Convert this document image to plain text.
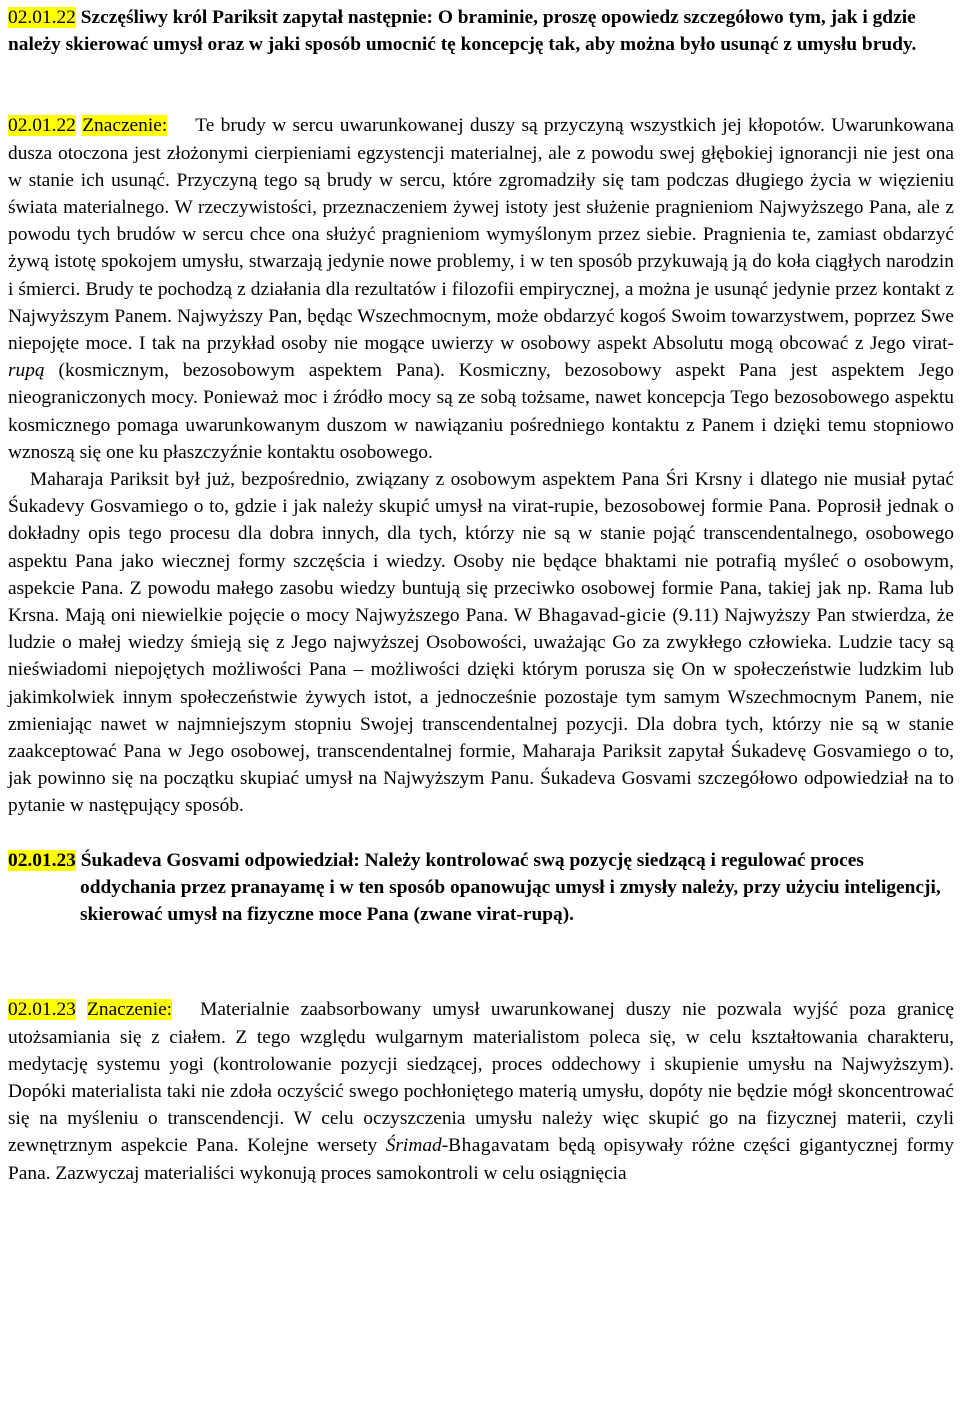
02.01.22 Szczęśliwy król Pariksit zapytał następnie: O braminie, proszę opowiedz szczegółowo tym, jak i gdzie należy skierować umysł oraz w jaki sposób umocnić tę koncepcję tak, aby można było usunąć z umysłu brudy.

02.01.22 Znaczenie: Te brudy w sercu uwarunkowanej duszy są przyczyną wszystkich jej kłopotów. Uwarunkowana dusza otoczona jest złożonymi cierpieniami egzystencji materialnej, ale z powodu swej głębokiej ignorancji nie jest ona w stanie ich usunąć. Przyczyną tego są brudy w sercu, które zgromadziły się tam podczas długiego życia w więzieniu świata materialnego. W rzeczywistości, przeznaczeniem żywej istoty jest służenie pragnieniom Najwyższego Pana, ale z powodu tych brudów w sercu chce ona służyć pragnieniom wymyślonym przez siebie. Pragnienia te, zamiast obdarzyć żywą istotę spokojem umysłu, stwarzają jedynie nowe problemy, i w ten sposób przykuwają ją do koła ciągłych narodzin i śmierci. Brudy te pochodzą z działania dla rezultatów i filozofii empirycznej, a można je usunąć jedynie przez kontakt z Najwyższym Panem. Najwyższy Pan, będąc Wszechmocnym, może obdarzyć kogoś Swoim towarzystwem, poprzez Swe niepojęte moce. I tak na przykład osoby nie mogące uwierzy w osobowy aspekt Absolutu mogą obcować z Jego virat-rupą (kosmicznym, bezosobowym aspektem Pana). Kosmiczny, bezosobowy aspekt Pana jest aspektem Jego nieograniczonych mocy. Ponieważ moc i źródło mocy są ze sobą tożsame, nawet koncepcja Tego bezosobowego aspektu kosmicznego pomaga uwarunkowanym duszom w nawiązaniu pośredniego kontaktu z Panem i dzięki temu stopniowo wznoszą się one ku płaszczyźnie kontaktu osobowego.

Maharaja Pariksit był już, bezpośrednio, związany z osobowym aspektem Pana Śri Krsny i dlatego nie musiał pytać Śukadevy Gosvamiego o to, gdzie i jak należy skupić umysł na virat-rupie, bezosobowej formie Pana. Poprosił jednak o dokładny opis tego procesu dla dobra innych, dla tych, którzy nie są w stanie pojąć transcendentalnego, osobowego aspektu Pana jako wiecznej formy szczęścia i wiedzy. Osoby nie będące bhaktami nie potrafią myśleć o osobowym, aspekcie Pana. Z powodu małego zasobu wiedzy buntują się przeciwko osobowej formie Pana, takiej jak np. Rama lub Krsna. Mają oni niewielkie pojęcie o mocy Najwyższego Pana. W Bhagavad-gicie (9.11) Najwyższy Pan stwierdza, że ludzie o małej wiedzy śmieją się z Jego najwyższej Osobowości, uważając Go za zwykłego człowieka. Ludzie tacy są nieświadomi niepojętych możliwości Pana – możliwości dzięki którym porusza się On w społeczeństwie ludzkim lub jakimkolwiek innym społeczeństwie żywych istot, a jednocześnie pozostaje tym samym Wszechmocnym Panem, nie zmieniając nawet w najmniejszym stopniu Swojej transcendentalnej pozycji. Dla dobra tych, którzy nie są w stanie zaakceptować Pana w Jego osobowej, transcendentalnej formie, Maharaja Pariksit zapytał Śukadevę Gosvamiego o to, jak powinno się na początku skupiać umysł na Najwyższym Panu. Śukadeva Gosvami szczegółowo odpowiedział na to pytanie w następujący sposób.

02.01.23 Śukadeva Gosvami odpowiedział: Należy kontrolować swą pozycję siedzącą i regulować proces oddychania przez pranayamę i w ten sposób opanowując umysł i zmysły należy, przy użyciu inteligencji, skierować umysł na fizyczne moce Pana (zwane virat-rupą).

02.01.23 Znaczenie: Materialnie zaabsorbowany umysł uwarunkowanej duszy nie pozwala wyjść poza granicę utożsamiania się z ciałem. Z tego względu wulgarnym materialistom poleca się, w celu kształtowania charakteru, medytację systemu yogi (kontrolowanie pozycji siedzącej, proces oddechowy i skupienie umysłu na Najwyższym). Dopóki materialista taki nie zdoła oczyścić swego pochłoniętego materią umysłu, dopóty nie będzie mógł skoncentrować się na myśleniu o transcendencji. W celu oczyszczenia umysłu należy więc skupić go na fizycznej materii, czyli zewnętrznym aspekcie Pana. Kolejne wersety Śrimad-Bhagavatam będą opisywały różne części gigantycznej formy Pana. Zazwyczaj materialiści wykonują proces samokontroli w celu osiągnięcia
